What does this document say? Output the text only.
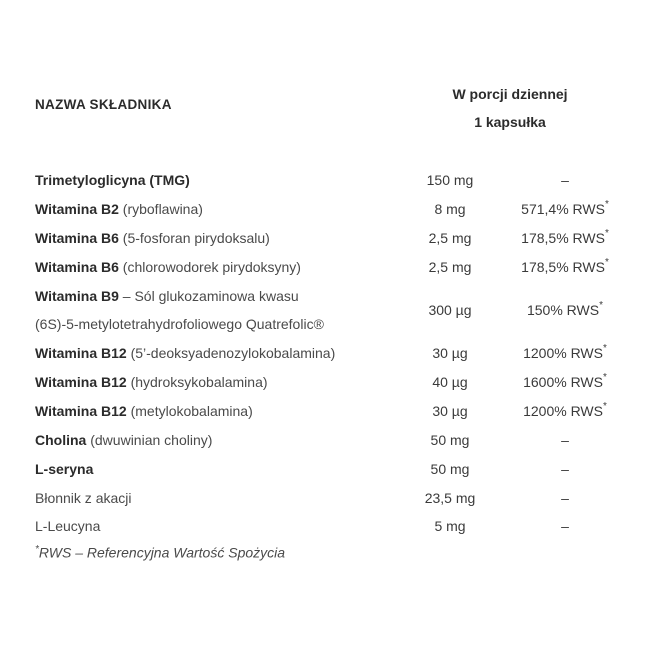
NAZWA SKŁADNIKA
W porcji dziennej
1 kapsułka
Trimetyloglicyna (TMG)	150 mg	–
Witamina B2 (ryboflawina)	8 mg	571,4% RWS*
Witamina B6 (5-fosforan pirydoksalu)	2,5 mg	178,5% RWS*
Witamina B6 (chlorowodorek pirydoksyny)	2,5 mg	178,5% RWS*
Witamina B9 – Sól glukozaminowa kwasu
(6S)-5-metylotetrahydrofoliowego Quatrefolic®
300 µg	150% RWS*
Witamina B12 (5’-deoksyadenozylokobalamina)	30 µg	1200% RWS*
Witamina B12 (hydroksykobalamina)	40 µg	1600% RWS*
Witamina B12 (metylokobalamina)	30 µg	1200% RWS*
Cholina (dwuwinian choliny)	50 mg	–
L-seryna	50 mg	–
Błonnik z akacji	23,5 mg	–
L-Leucyna	5 mg	–
*RWS – Referencyjna Wartość Spożycia
